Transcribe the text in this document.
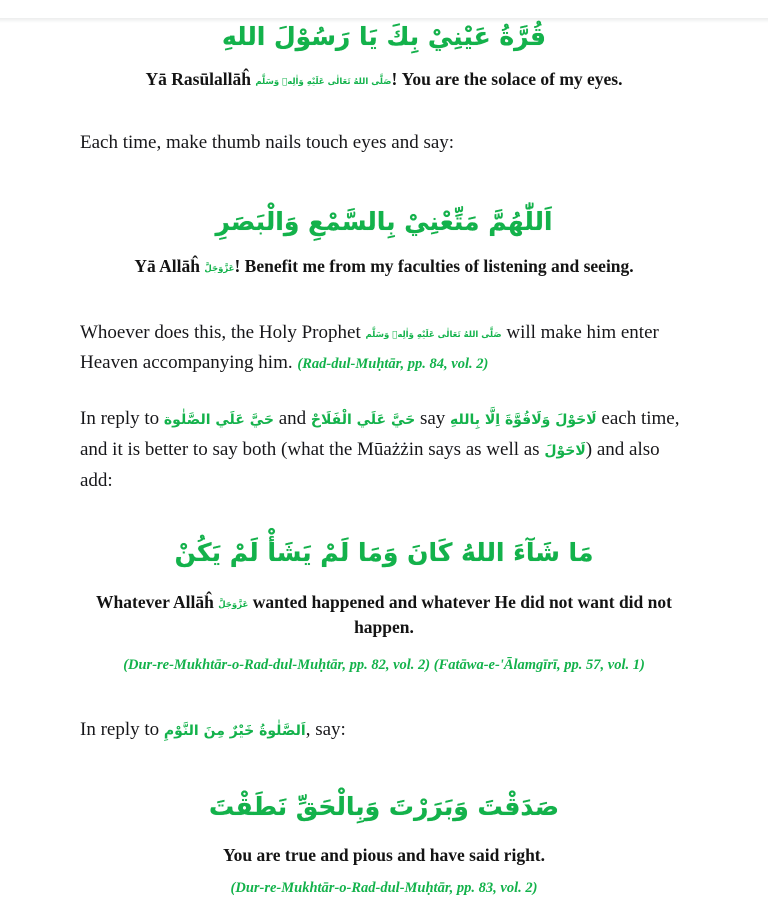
قُرَّةُ عَيْنِيْ بِكَ يَا رَسُوْلَ اللهِ
Yā Rasūlallāĥ صَلَّى اللهُ تَعَالٰى عَلَيْهِ وَاٰلِهٖ وَسَلَّم! You are the solace of my eyes.
Each time, make thumb nails touch eyes and say:
اَللّٰهُمَّ مَتِّعْنِيْ بِالسَّمْعِ وَالْبَصَرِ
Yā Allāĥ عَزَّوَجَلَّ! Benefit me from my faculties of listening and seeing.
Whoever does this, the Holy Prophet صَلَّى اللهُ تَعَالٰى عَلَيْهِ وَاٰلِهٖ وَسَلَّم will make him enter Heaven accompanying him. (Rad-dul-Muḥtār, pp. 84, vol. 2)
In reply to حَيَّ عَلَي الصَّلٰوة and حَيَّ عَلَي الْفَلَاحْ say لَاحَوْلَ وَلَاقُوَّةَ اِلَّا بِاللهِ each time, and it is better to say both (what the Mūażżin says as well as لَاحَوْلَ) and also add:
مَا شَآءَ اللهُ كَانَ وَمَا لَمْ يَشَأْ لَمْ يَكُنْ
Whatever Allāĥ عَزَّوَجَلَّ wanted happened and whatever He did not want did not happen.
(Dur-re-Mukhtār-o-Rad-dul-Muḥtār, pp. 82, vol. 2) (Fatāwa-e-'Ālamgīrī, pp. 57, vol. 1)
In reply to اَلصَّلٰوةُ خَيْرٌ مِنَ النَّوْمِ, say:
صَدَقْتَ وَبَرَرْتَ وَبِالْحَقِّ نَطَقْتَ
You are true and pious and have said right.
(Dur-re-Mukhtār-o-Rad-dul-Muḥtār, pp. 83, vol. 2)
